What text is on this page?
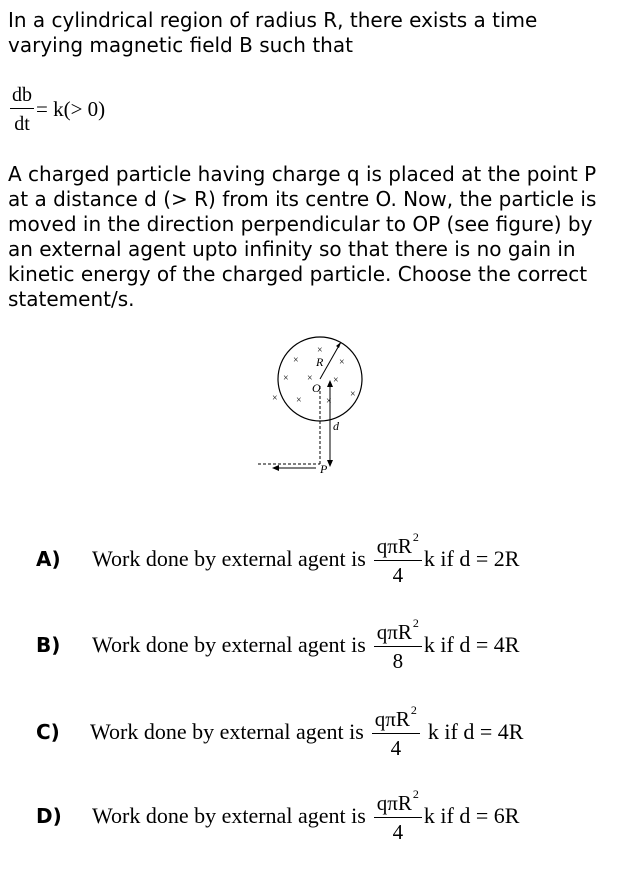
In a cylindrical region of radius R, there exists a time varying magnetic field B such that
$\frac{db}{dt} = k(> 0)$
A charged particle having charge q is placed at the point P at a distance d (> R) from its centre O. Now, the particle is moved in the direction perpendicular to OP (see figure) by an external agent upto infinity so that there is no gain in kinetic energy of the charged particle. Choose the correct statement/s.
×
×
×
× × ×
×
× × ×
R
O
d
P
A)	Work done by external agent is $\frac{q\pi R^2}{4}$ k if d = 2R
B)	Work done by external agent is $\frac{q\pi R^2}{8}$ k if d = 4R
C)	Work done by external agent is $\frac{q\pi R^2}{4}$ k if d = 4R
D)	Work done by external agent is $\frac{q\pi R^2}{4}$ k if d = 6R
